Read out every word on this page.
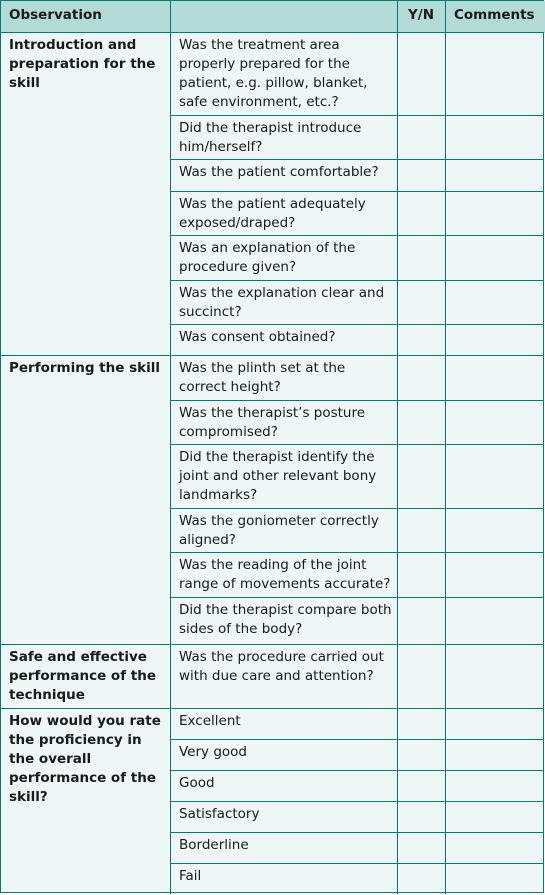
Observation	Y/N	Comments
Introduction and preparation for the skill
Performing the skill
Safe and effective performance of the technique
How would you rate the proficiency in the overall performance of the skill?
Was the treatment area properly prepared for the patient, e.g. pillow, blanket, safe environment, etc.?
Did the therapist introduce him/herself?
Was the patient comfortable?
Was the patient adequately exposed/draped?
Was an explanation of the procedure given?
Was the explanation clear and succinct?
Was consent obtained?
Was the plinth set at the correct height?
Was the therapist’s posture compromised?
Did the therapist identify the joint and other relevant bony landmarks?
Was the goniometer correctly aligned?
Was the reading of the joint range of movements accurate?
Did the therapist compare both sides of the body?
Was the procedure carried out with due care and attention?
Excellent
Very good
Good
Satisfactory
Borderline
Fail
